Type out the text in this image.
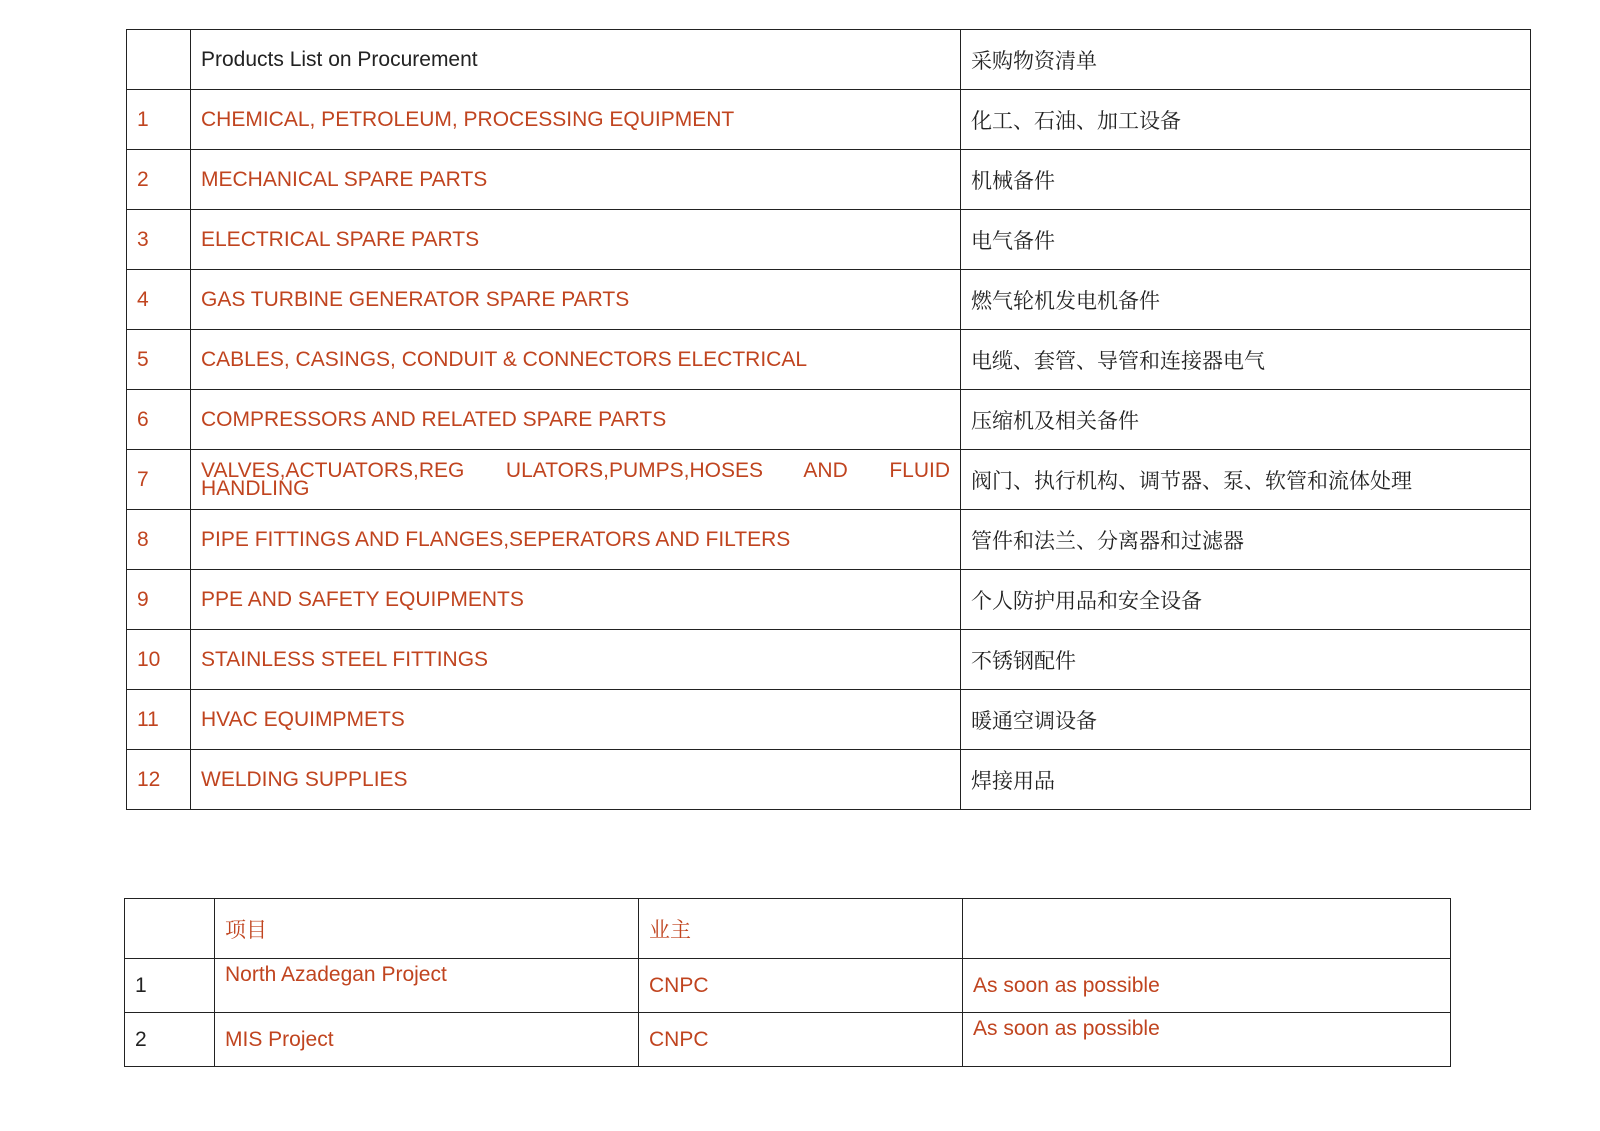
	Products List on Procurement	采购物资清单
1	CHEMICAL, PETROLEUM, PROCESSING EQUIPMENT	化工、石油、加工设备
2	MECHANICAL SPARE PARTS	机械备件
3	ELECTRICAL SPARE PARTS	电气备件
4	GAS TURBINE GENERATOR SPARE PARTS	燃气轮机发电机备件
5	CABLES, CASINGS, CONDUIT & CONNECTORS ELECTRICAL	电缆、套管、导管和连接器电气
6	COMPRESSORS AND RELATED SPARE PARTS	压缩机及相关备件
7	VALVES,ACTUATORS,REG ULATORS,PUMPS,HOSES AND FLUID HANDLING	阀门、执行机构、调节器、泵、软管和流体处理
8	PIPE FITTINGS AND FLANGES,SEPERATORS AND FILTERS	管件和法兰、分离器和过滤器
9	PPE AND SAFETY EQUIPMENTS	个人防护用品和安全设备
10	STAINLESS STEEL FITTINGS	不锈钢配件
11	HVAC EQUIMPMETS	暖通空调设备
12	WELDING SUPPLIES	焊接用品
	项目	业主	
1	North Azadegan Project	CNPC	As soon as possible
2	MIS Project	CNPC	As soon as possible
